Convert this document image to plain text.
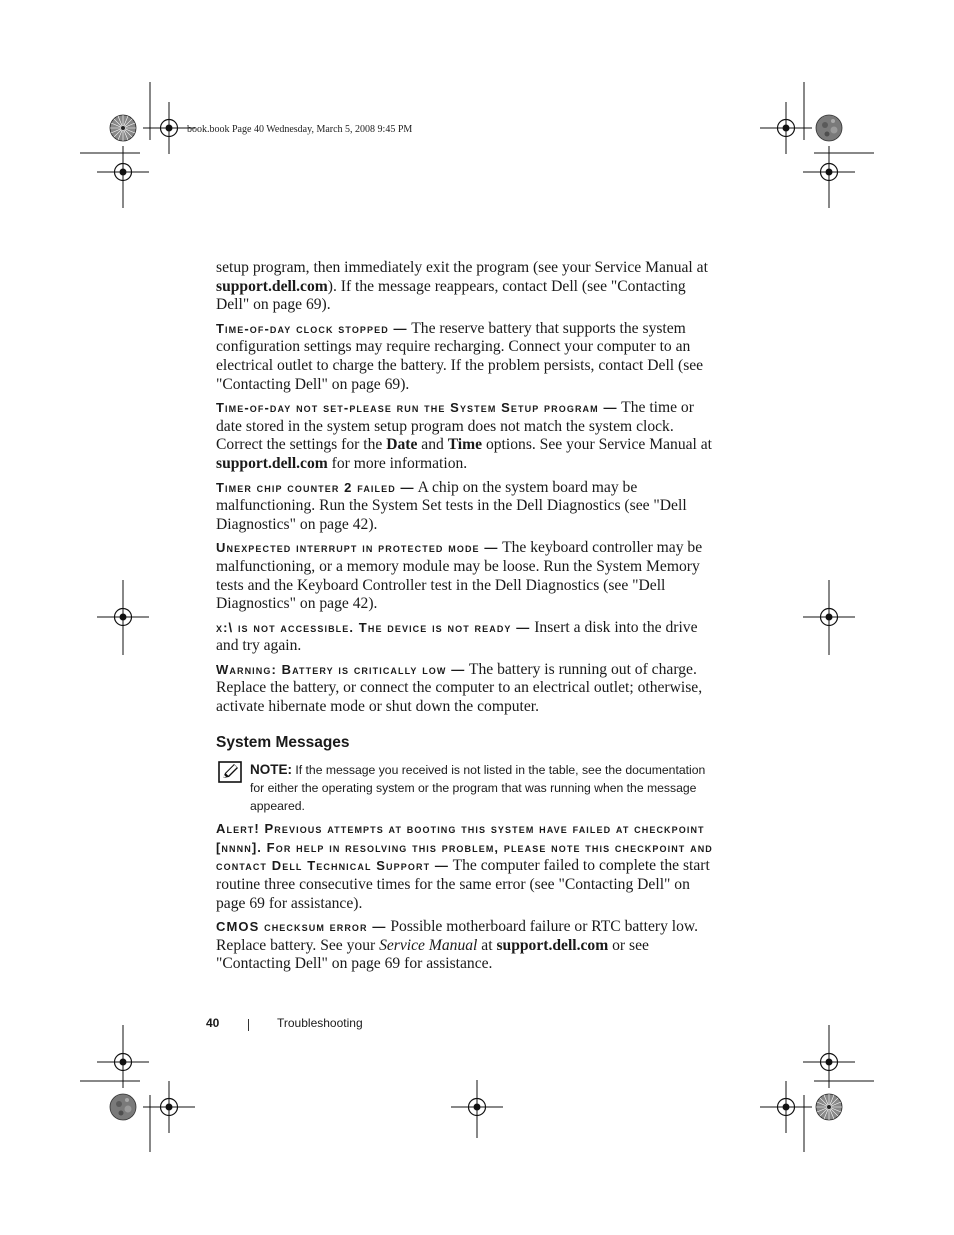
book.book Page 40 Wednesday, March 5, 2008 9:45 PM

setup program, then immediately exit the program (see your Service Manual at support.dell.com). If the message reappears, contact Dell (see "Contacting Dell" on page 69).

Time-of-day clock stopped — The reserve battery that supports the system configuration settings may require recharging. Connect your computer to an electrical outlet to charge the battery. If the problem persists, contact Dell (see "Contacting Dell" on page 69).

Time-of-day not set-please run the System Setup program — The time or date stored in the system setup program does not match the system clock. Correct the settings for the Date and Time options. See your Service Manual at support.dell.com for more information.

Timer chip counter 2 failed — A chip on the system board may be malfunctioning. Run the System Set tests in the Dell Diagnostics (see "Dell Diagnostics" on page 42).

Unexpected interrupt in protected mode — The keyboard controller may be malfunctioning, or a memory module may be loose. Run the System Memory tests and the Keyboard Controller test in the Dell Diagnostics (see "Dell Diagnostics" on page 42).

x:\ is not accessible. The device is not ready — Insert a disk into the drive and try again.

Warning: Battery is critically low — The battery is running out of charge. Replace the battery, or connect the computer to an electrical outlet; otherwise, activate hibernate mode or shut down the computer.

System Messages
NOTE: If the message you received is not listed in the table, see the documentation for either the operating system or the program that was running when the message appeared.

Alert! Previous attempts at booting this system have failed at checkpoint [nnnn]. For help in resolving this problem, please note this checkpoint and contact Dell Technical Support — The computer failed to complete the start routine three consecutive times for the same error (see "Contacting Dell" on page 69 for assistance).

CMOS checksum error — Possible motherboard failure or RTC battery low. Replace battery. See your Service Manual at support.dell.com or see "Contacting Dell" on page 69 for assistance.

40	Troubleshooting
